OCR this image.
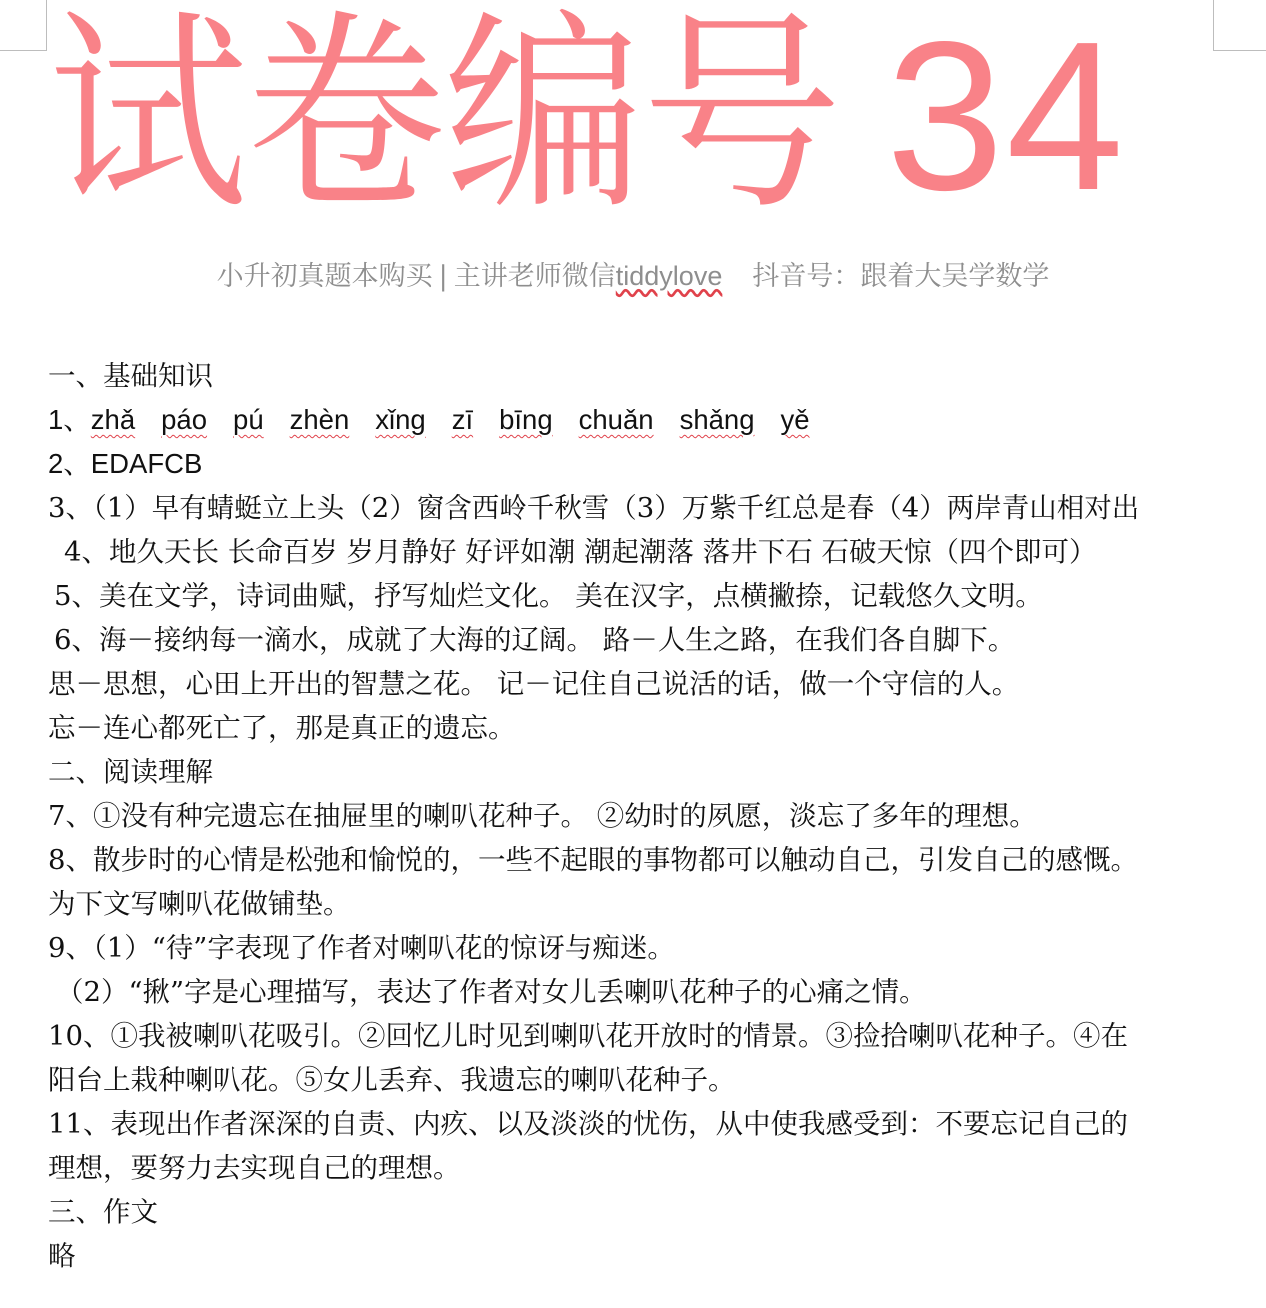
试卷编号 34
小升初真题本购买 | 主讲老师微信tiddylove 抖音号：跟着大吴学数学
一、基础知识
1、zhǎ páo pú zhèn xǐng zī bīng chuǎn shǎng yě
2、EDAFCB
3、（1）早有蜻蜓立上头（2）窗含西岭千秋雪（3）万紫千红总是春（4）两岸青山相对出
4、地久天长 长命百岁 岁月静好 好评如潮 潮起潮落 落井下石 石破天惊（四个即可）
5、美在文学，诗词曲赋，抒写灿烂文化。 美在汉字，点横撇捺，记载悠久文明。
6、海－接纳每一滴水，成就了大海的辽阔。 路－人生之路，在我们各自脚下。
思－思想，心田上开出的智慧之花。 记－记住自己说活的话，做一个守信的人。
忘－连心都死亡了，那是真正的遗忘。
二、阅读理解
7、①没有种完遗忘在抽屉里的喇叭花种子。 ②幼时的夙愿，淡忘了多年的理想。
8、散步时的心情是松弛和愉悦的，一些不起眼的事物都可以触动自己，引发自己的感慨。
为下文写喇叭花做铺垫。
9、（1）“待”字表现了作者对喇叭花的惊讶与痴迷。
（2）“揪”字是心理描写，表达了作者对女儿丢喇叭花种子的心痛之情。
10、①我被喇叭花吸引。②回忆儿时见到喇叭花开放时的情景。③捡拾喇叭花种子。④在
阳台上栽种喇叭花。⑤女儿丢弃、我遗忘的喇叭花种子。
11、表现出作者深深的自责、内疚、以及淡淡的忧伤，从中使我感受到：不要忘记自己的
理想，要努力去实现自己的理想。
三、作文
略
